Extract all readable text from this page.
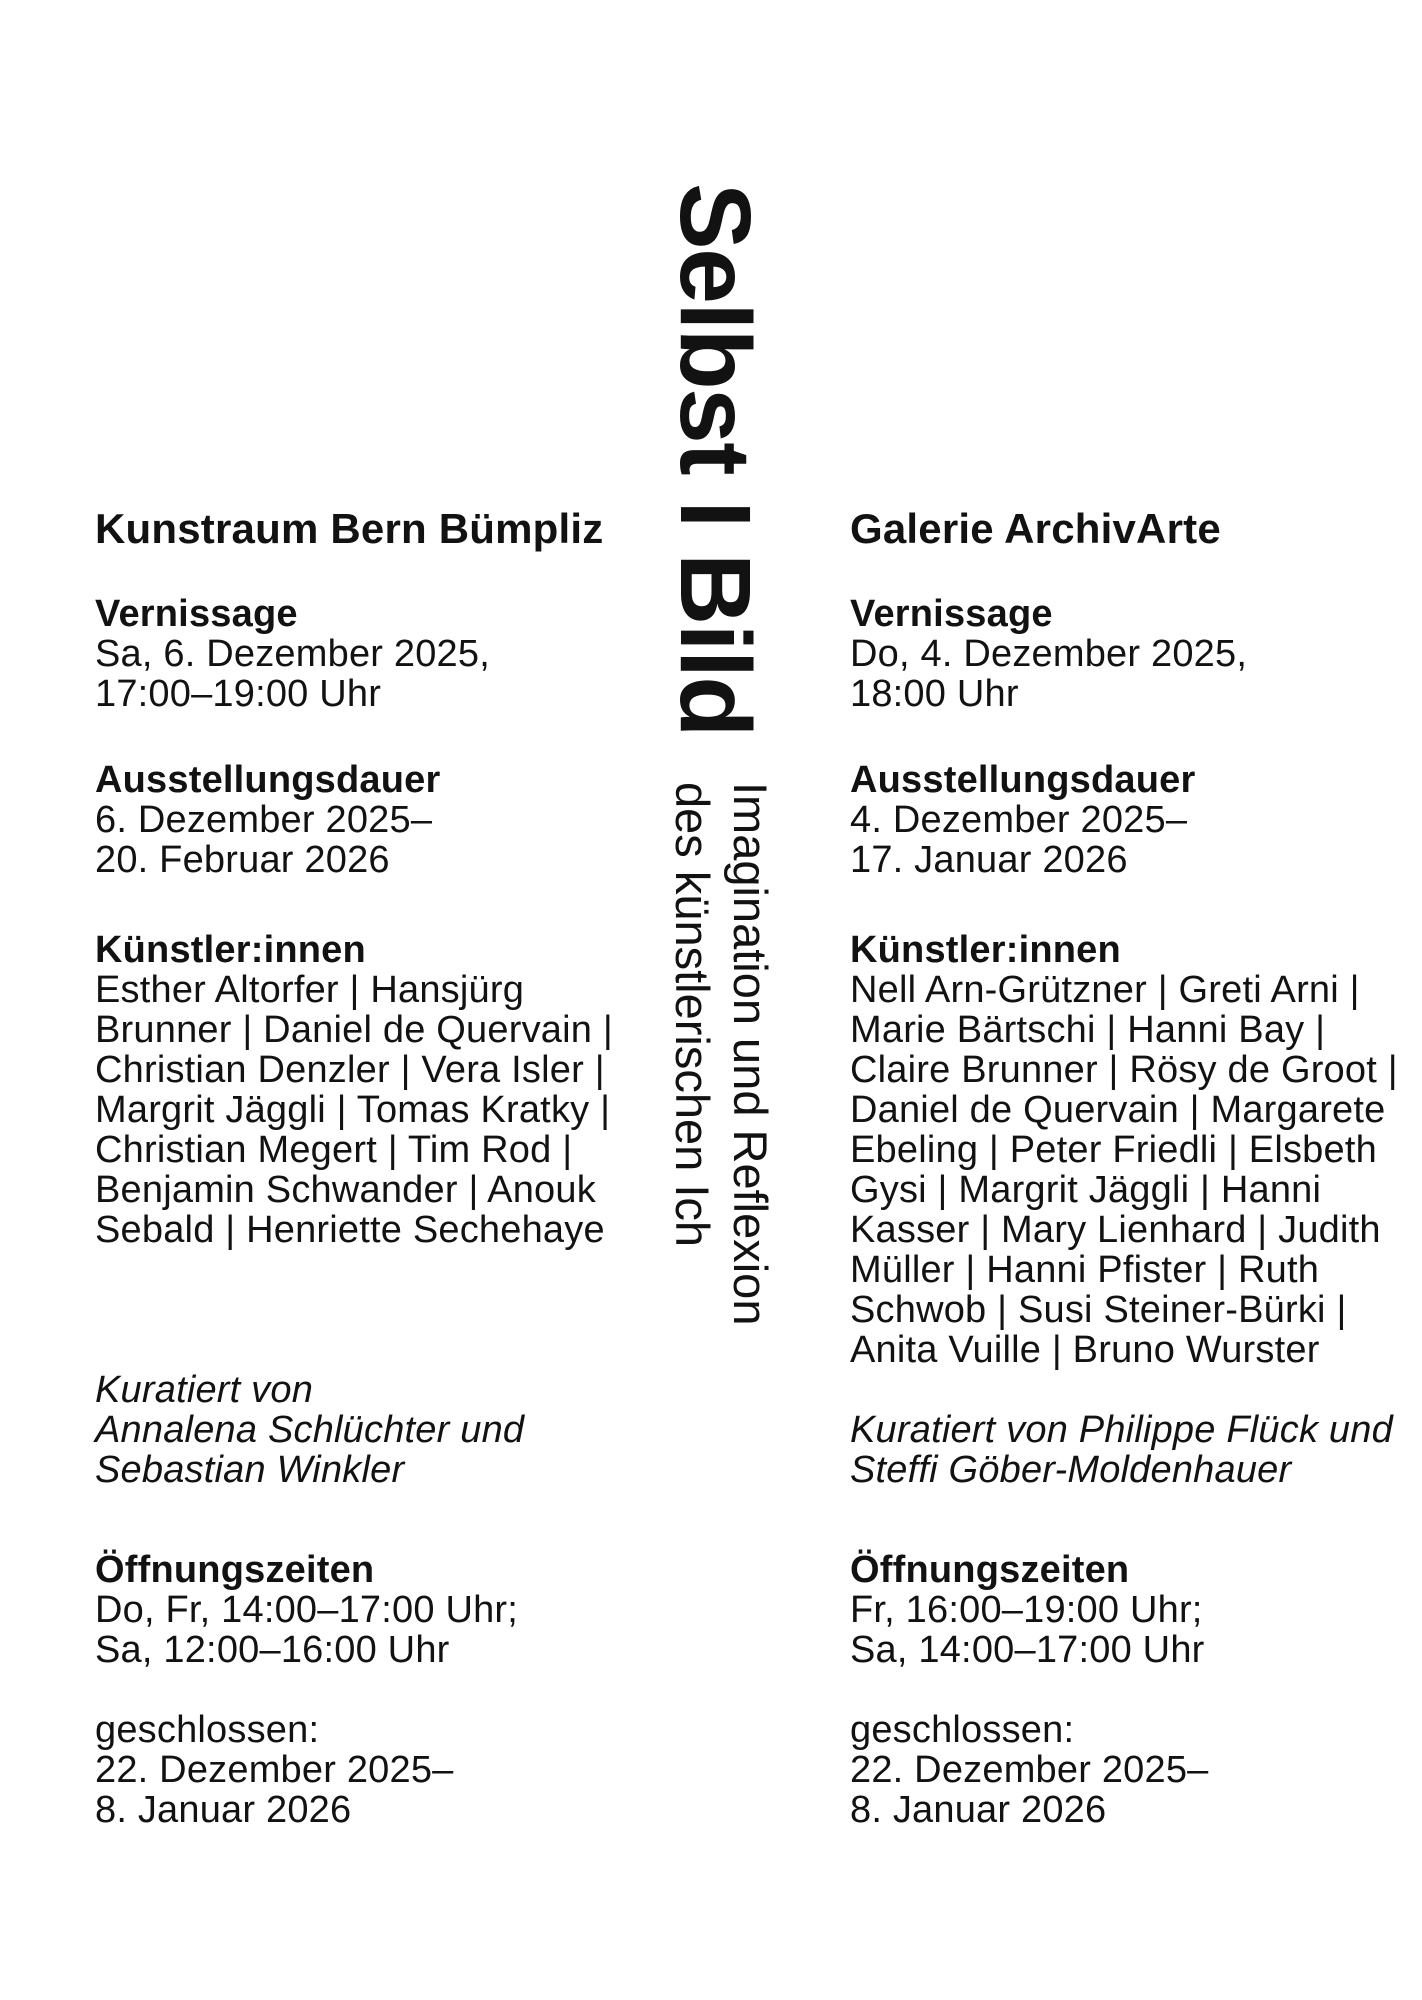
Selbst I Bild
Imagination und Reflexion
des künstlerischen Ich
Kunstraum Bern Bümpliz
Vernissage
Sa, 6. Dezember 2025,
17:00–19:00 Uhr
Ausstellungsdauer
6. Dezember 2025–
20. Februar 2026
Künstler:innen
Esther Altorfer | Hansjürg
Brunner | Daniel de Quervain |
Christian Denzler | Vera Isler |
Margrit Jäggli | Tomas Kratky |
Christian Megert | Tim Rod |
Benjamin Schwander | Anouk
Sebald | Henriette Sechehaye
Kuratiert von
Annalena Schlüchter und
Sebastian Winkler
Öffnungszeiten
Do, Fr, 14:00–17:00 Uhr;
Sa, 12:00–16:00 Uhr
geschlossen:
22. Dezember 2025–
8. Januar 2026
Galerie ArchivArte
Vernissage
Do, 4. Dezember 2025,
18:00 Uhr
Ausstellungsdauer
4. Dezember 2025–
17. Januar 2026
Künstler:innen
Nell Arn-Grützner | Greti Arni |
Marie Bärtschi | Hanni Bay |
Claire Brunner | Rösy de Groot |
Daniel de Quervain | Margarete
Ebeling | Peter Friedli | Elsbeth
Gysi | Margrit Jäggli | Hanni
Kasser | Mary Lienhard | Judith
Müller | Hanni Pfister | Ruth
Schwob | Susi Steiner-Bürki |
Anita Vuille | Bruno Wurster
Kuratiert von Philippe Flück und
Steffi Göber-Moldenhauer
Öffnungszeiten
Fr, 16:00–19:00 Uhr;
Sa, 14:00–17:00 Uhr
geschlossen:
22. Dezember 2025–
8. Januar 2026
